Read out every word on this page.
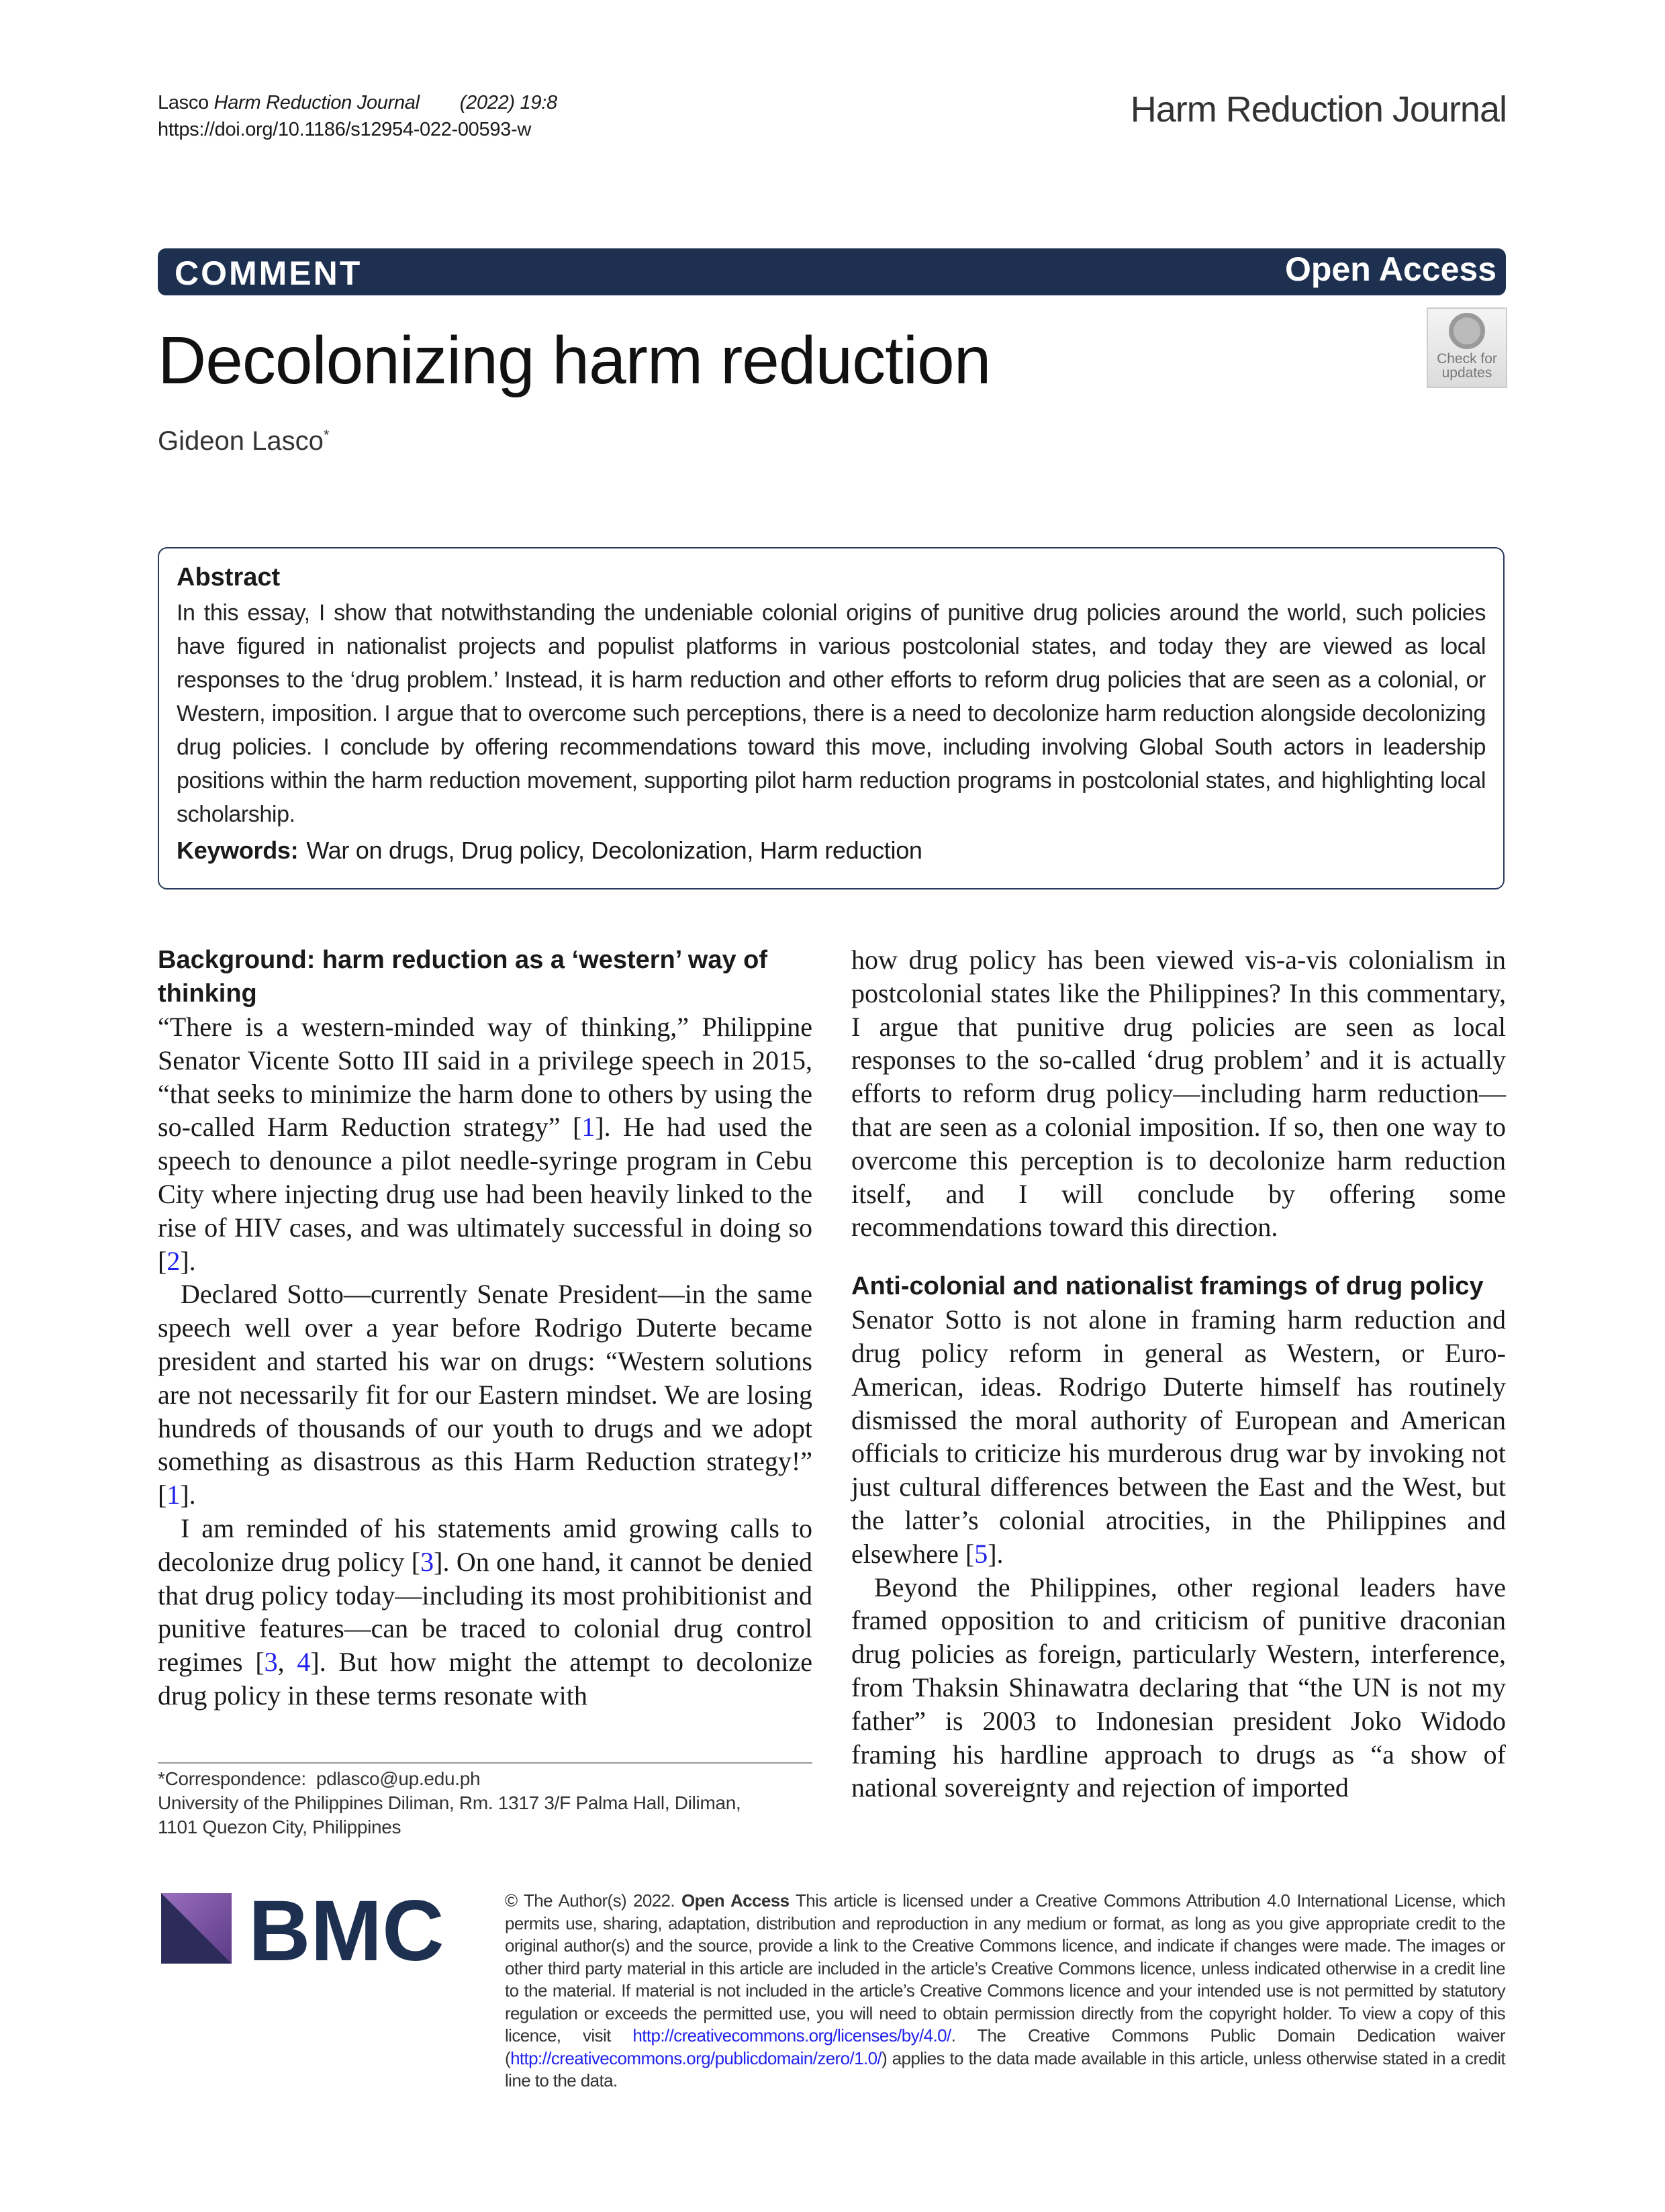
Lasco Harm Reduction Journal (2022) 19:8
https://doi.org/10.1186/s12954-022-00593-w	Harm Reduction Journal
COMMENT	Open Access
Decolonizing harm reduction	Check for
updates
Gideon Lasco*
Abstract

In this essay, I show that notwithstanding the undeniable colonial origins of punitive drug policies around the world, such policies have figured in nationalist projects and populist platforms in various postcolonial states, and today they are viewed as local responses to the ‘drug problem.’ Instead, it is harm reduction and other efforts to reform drug policies that are seen as a colonial, or Western, imposition. I argue that to overcome such perceptions, there is a need to decolonize harm reduction alongside decolonizing drug policies. I conclude by offering recommendations toward this move, including involving Global South actors in leadership positions within the harm reduction movement, supporting pilot harm reduction programs in postcolonial states, and highlighting local scholarship.

Keywords: War on drugs, Drug policy, Decolonization, Harm reduction
Background: harm reduction as a ‘western’ way of thinking

“There is a western-minded way of thinking,” Philippine Senator Vicente Sotto III said in a privilege speech in 2015, “that seeks to minimize the harm done to others by using the so-called Harm Reduction strategy” [1]. He had used the speech to denounce a pilot needle-syringe program in Cebu City where injecting drug use had been heavily linked to the rise of HIV cases, and was ultimately successful in doing so [2].

Declared Sotto—currently Senate President—in the same speech well over a year before Rodrigo Duterte became president and started his war on drugs: “Western solutions are not necessarily fit for our Eastern mindset. We are losing hundreds of thousands of our youth to drugs and we adopt something as disastrous as this Harm Reduction strategy!” [1].

I am reminded of his statements amid growing calls to decolonize drug policy [3]. On one hand, it cannot be denied that drug policy today—including its most prohibitionist and punitive features—can be traced to colonial drug control regimes [3, 4]. But how might the attempt to decolonize drug policy in these terms resonate with

how drug policy has been viewed vis-a-vis colonialism in postcolonial states like the Philippines? In this commentary, I argue that punitive drug policies are seen as local responses to the so-called ‘drug problem’ and it is actually efforts to reform drug policy—including harm reduction—that are seen as a colonial imposition. If so, then one way to overcome this perception is to decolonize harm reduction itself, and I will conclude by offering some recommendations toward this direction.

Anti-colonial and nationalist framings of drug policy

Senator Sotto is not alone in framing harm reduction and drug policy reform in general as Western, or Euro-American, ideas. Rodrigo Duterte himself has routinely dismissed the moral authority of European and American officials to criticize his murderous drug war by invoking not just cultural differences between the East and the West, but the latter’s colonial atrocities, in the Philippines and elsewhere [5].

Beyond the Philippines, other regional leaders have framed opposition to and criticism of punitive draconian drug policies as foreign, particularly Western, interference, from Thaksin Shinawatra declaring that “the UN is not my father” is 2003 to Indonesian president Joko Widodo framing his hardline approach to drugs as “a show of national sovereignty and rejection of imported

*Correspondence: pdlasco@up.edu.ph
University of the Philippines Diliman, Rm. 1317 3/F Palma Hall, Diliman,
1101 Quezon City, Philippines
BMC	© The Author(s) 2022. Open Access This article is licensed under a Creative Commons Attribution 4.0 International License, which permits use, sharing, adaptation, distribution and reproduction in any medium or format, as long as you give appropriate credit to the original author(s) and the source, provide a link to the Creative Commons licence, and indicate if changes were made. The images or other third party material in this article are included in the article’s Creative Commons licence, unless indicated otherwise in a credit line to the material. If material is not included in the article’s Creative Commons licence and your intended use is not permitted by statutory regulation or exceeds the permitted use, you will need to obtain permission directly from the copyright holder. To view a copy of this licence, visit http://creativecommons.org/licenses/by/4.0/. The Creative Commons Public Domain Dedication waiver (http://creativecommons.org/publicdomain/zero/1.0/) applies to the data made available in this article, unless otherwise stated in a credit line to the data.
